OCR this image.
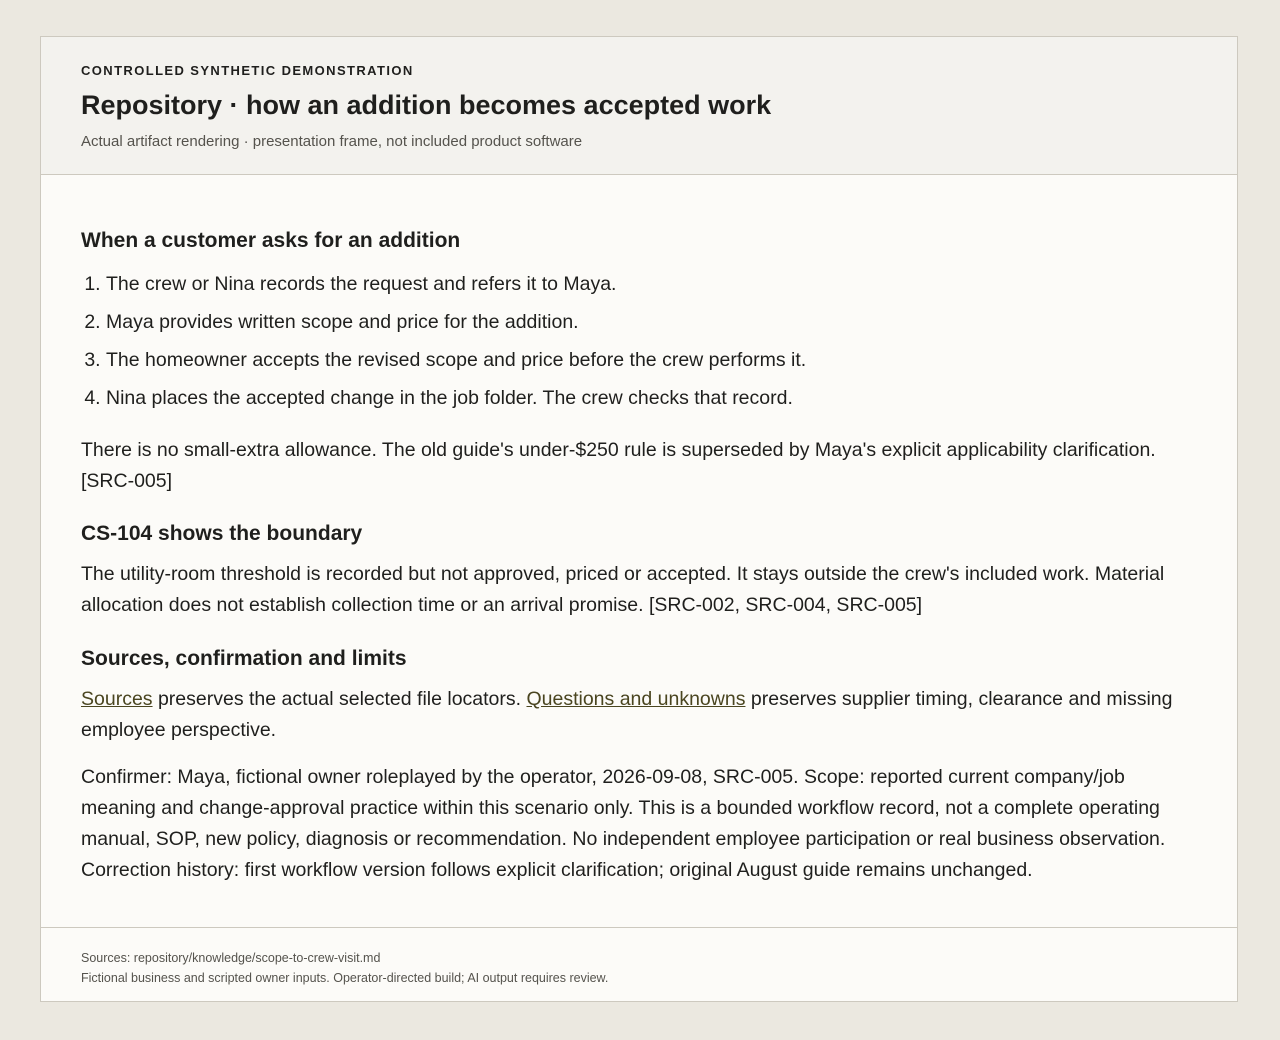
CONTROLLED SYNTHETIC DEMONSTRATION
Repository · how an addition becomes accepted work
Actual artifact rendering · presentation frame, not included product software
When a customer asks for an addition
1. The crew or Nina records the request and refers it to Maya.
2. Maya provides written scope and price for the addition.
3. The homeowner accepts the revised scope and price before the crew performs it.
4. Nina places the accepted change in the job folder. The crew checks that record.

There is no small-extra allowance. The old guide's under-$250 rule is superseded by Maya's explicit applicability clarification. [SRC-005]

CS-104 shows the boundary

The utility-room threshold is recorded but not approved, priced or accepted. It stays outside the crew's included work. Material allocation does not establish collection time or an arrival promise. [SRC-002, SRC-004, SRC-005]

Sources, confirmation and limits

Sources preserves the actual selected file locators. Questions and unknowns preserves supplier timing, clearance and missing employee perspective.

Confirmer: Maya, fictional owner roleplayed by the operator, 2026-09-08, SRC-005. Scope: reported current company/job meaning and change-approval practice within this scenario only. This is a bounded workflow record, not a complete operating manual, SOP, new policy, diagnosis or recommendation. No independent employee participation or real business observation. Correction history: first workflow version follows explicit clarification; original August guide remains unchanged.

Sources: repository/knowledge/scope-to-crew-visit.md
Fictional business and scripted owner inputs. Operator-directed build; AI output requires review.
